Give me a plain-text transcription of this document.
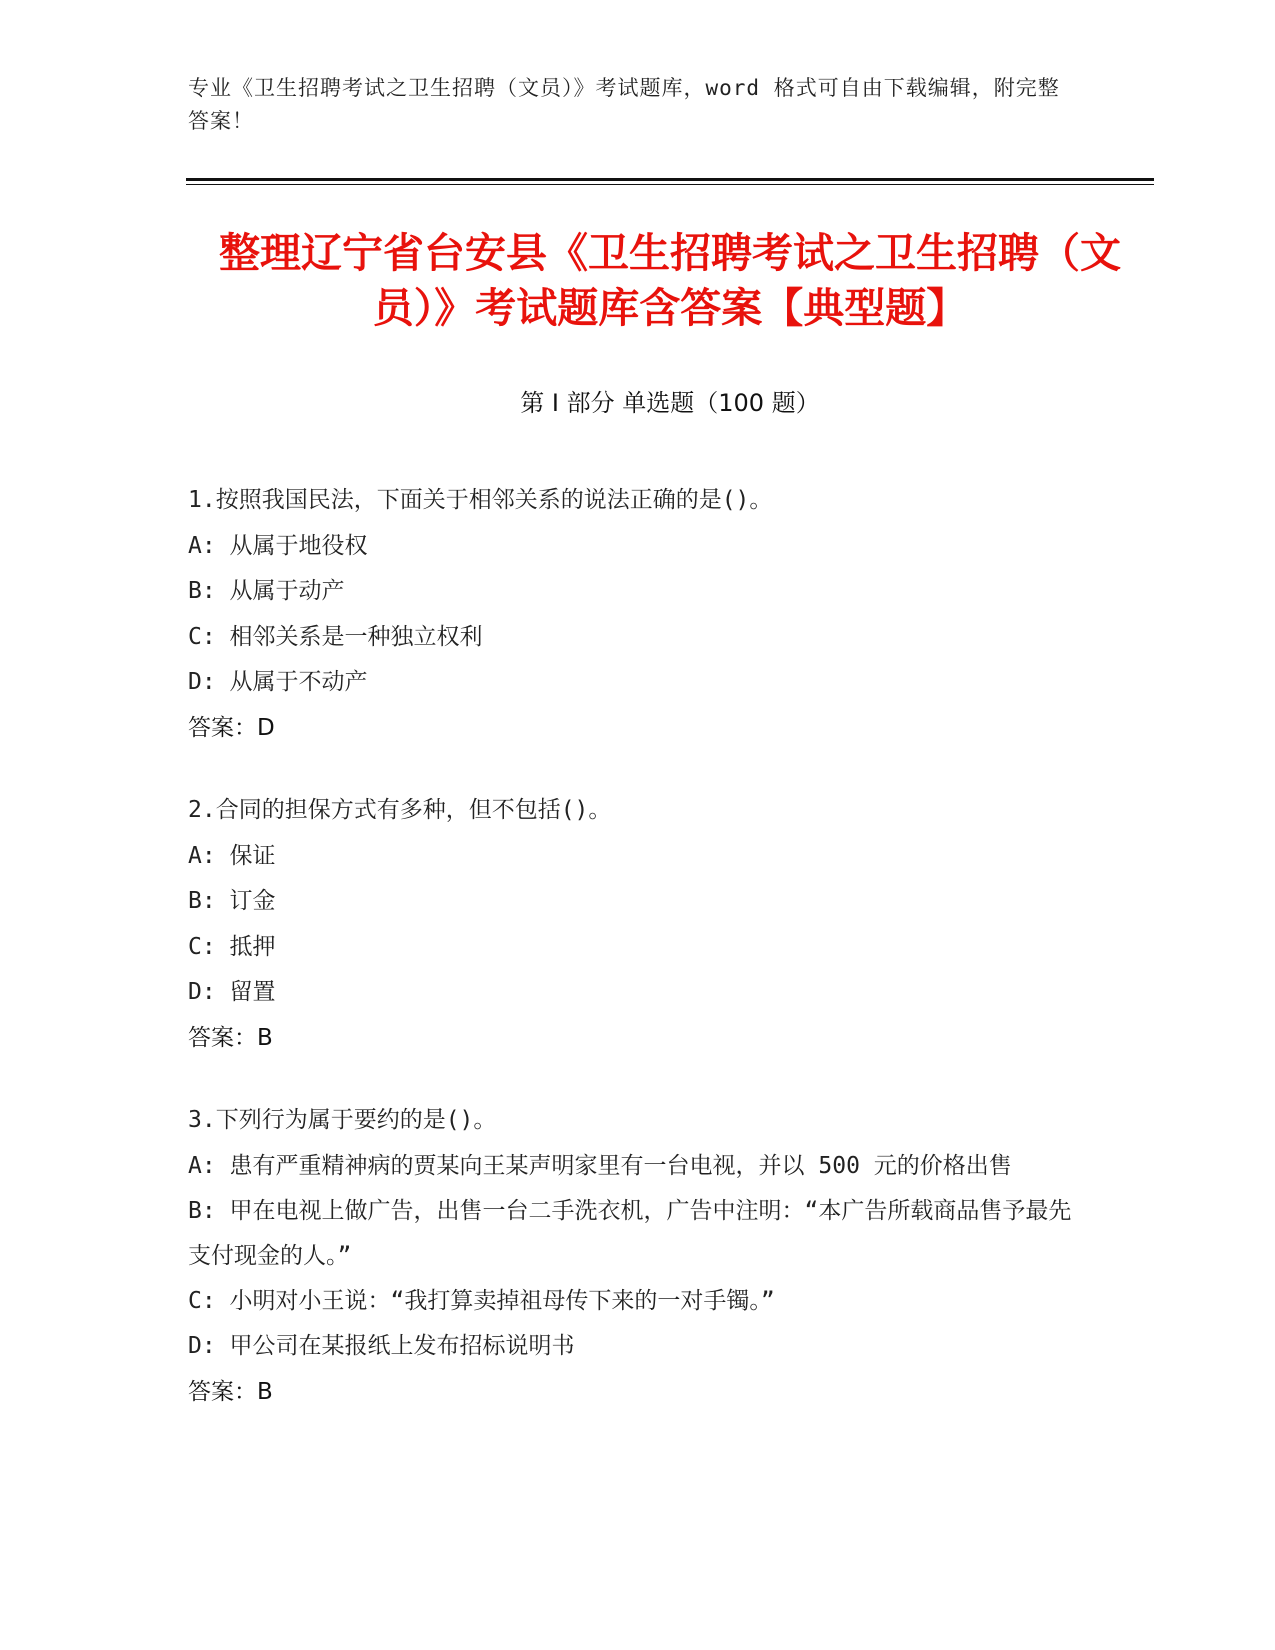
专业《卫生招聘考试之卫生招聘（文员）》考试题库，word 格式可自由下载编辑，附完整答案！
整理辽宁省台安县《卫生招聘考试之卫生招聘（文员）》考试题库含答案【典型题】
第 I 部分 单选题（100 题）
1.按照我国民法，下面关于相邻关系的说法正确的是()。
A: 从属于地役权
B: 从属于动产
C: 相邻关系是一种独立权利
D: 从属于不动产
答案：D
2.合同的担保方式有多种，但不包括()。
A: 保证
B: 订金
C: 抵押
D: 留置
答案：B
3.下列行为属于要约的是()。
A: 患有严重精神病的贾某向王某声明家里有一台电视，并以 500 元的价格出售
B: 甲在电视上做广告，出售一台二手洗衣机，广告中注明：“本广告所载商品售予最先支付现金的人。”
C: 小明对小王说：“我打算卖掉祖母传下来的一对手镯。”
D: 甲公司在某报纸上发布招标说明书
答案：B
